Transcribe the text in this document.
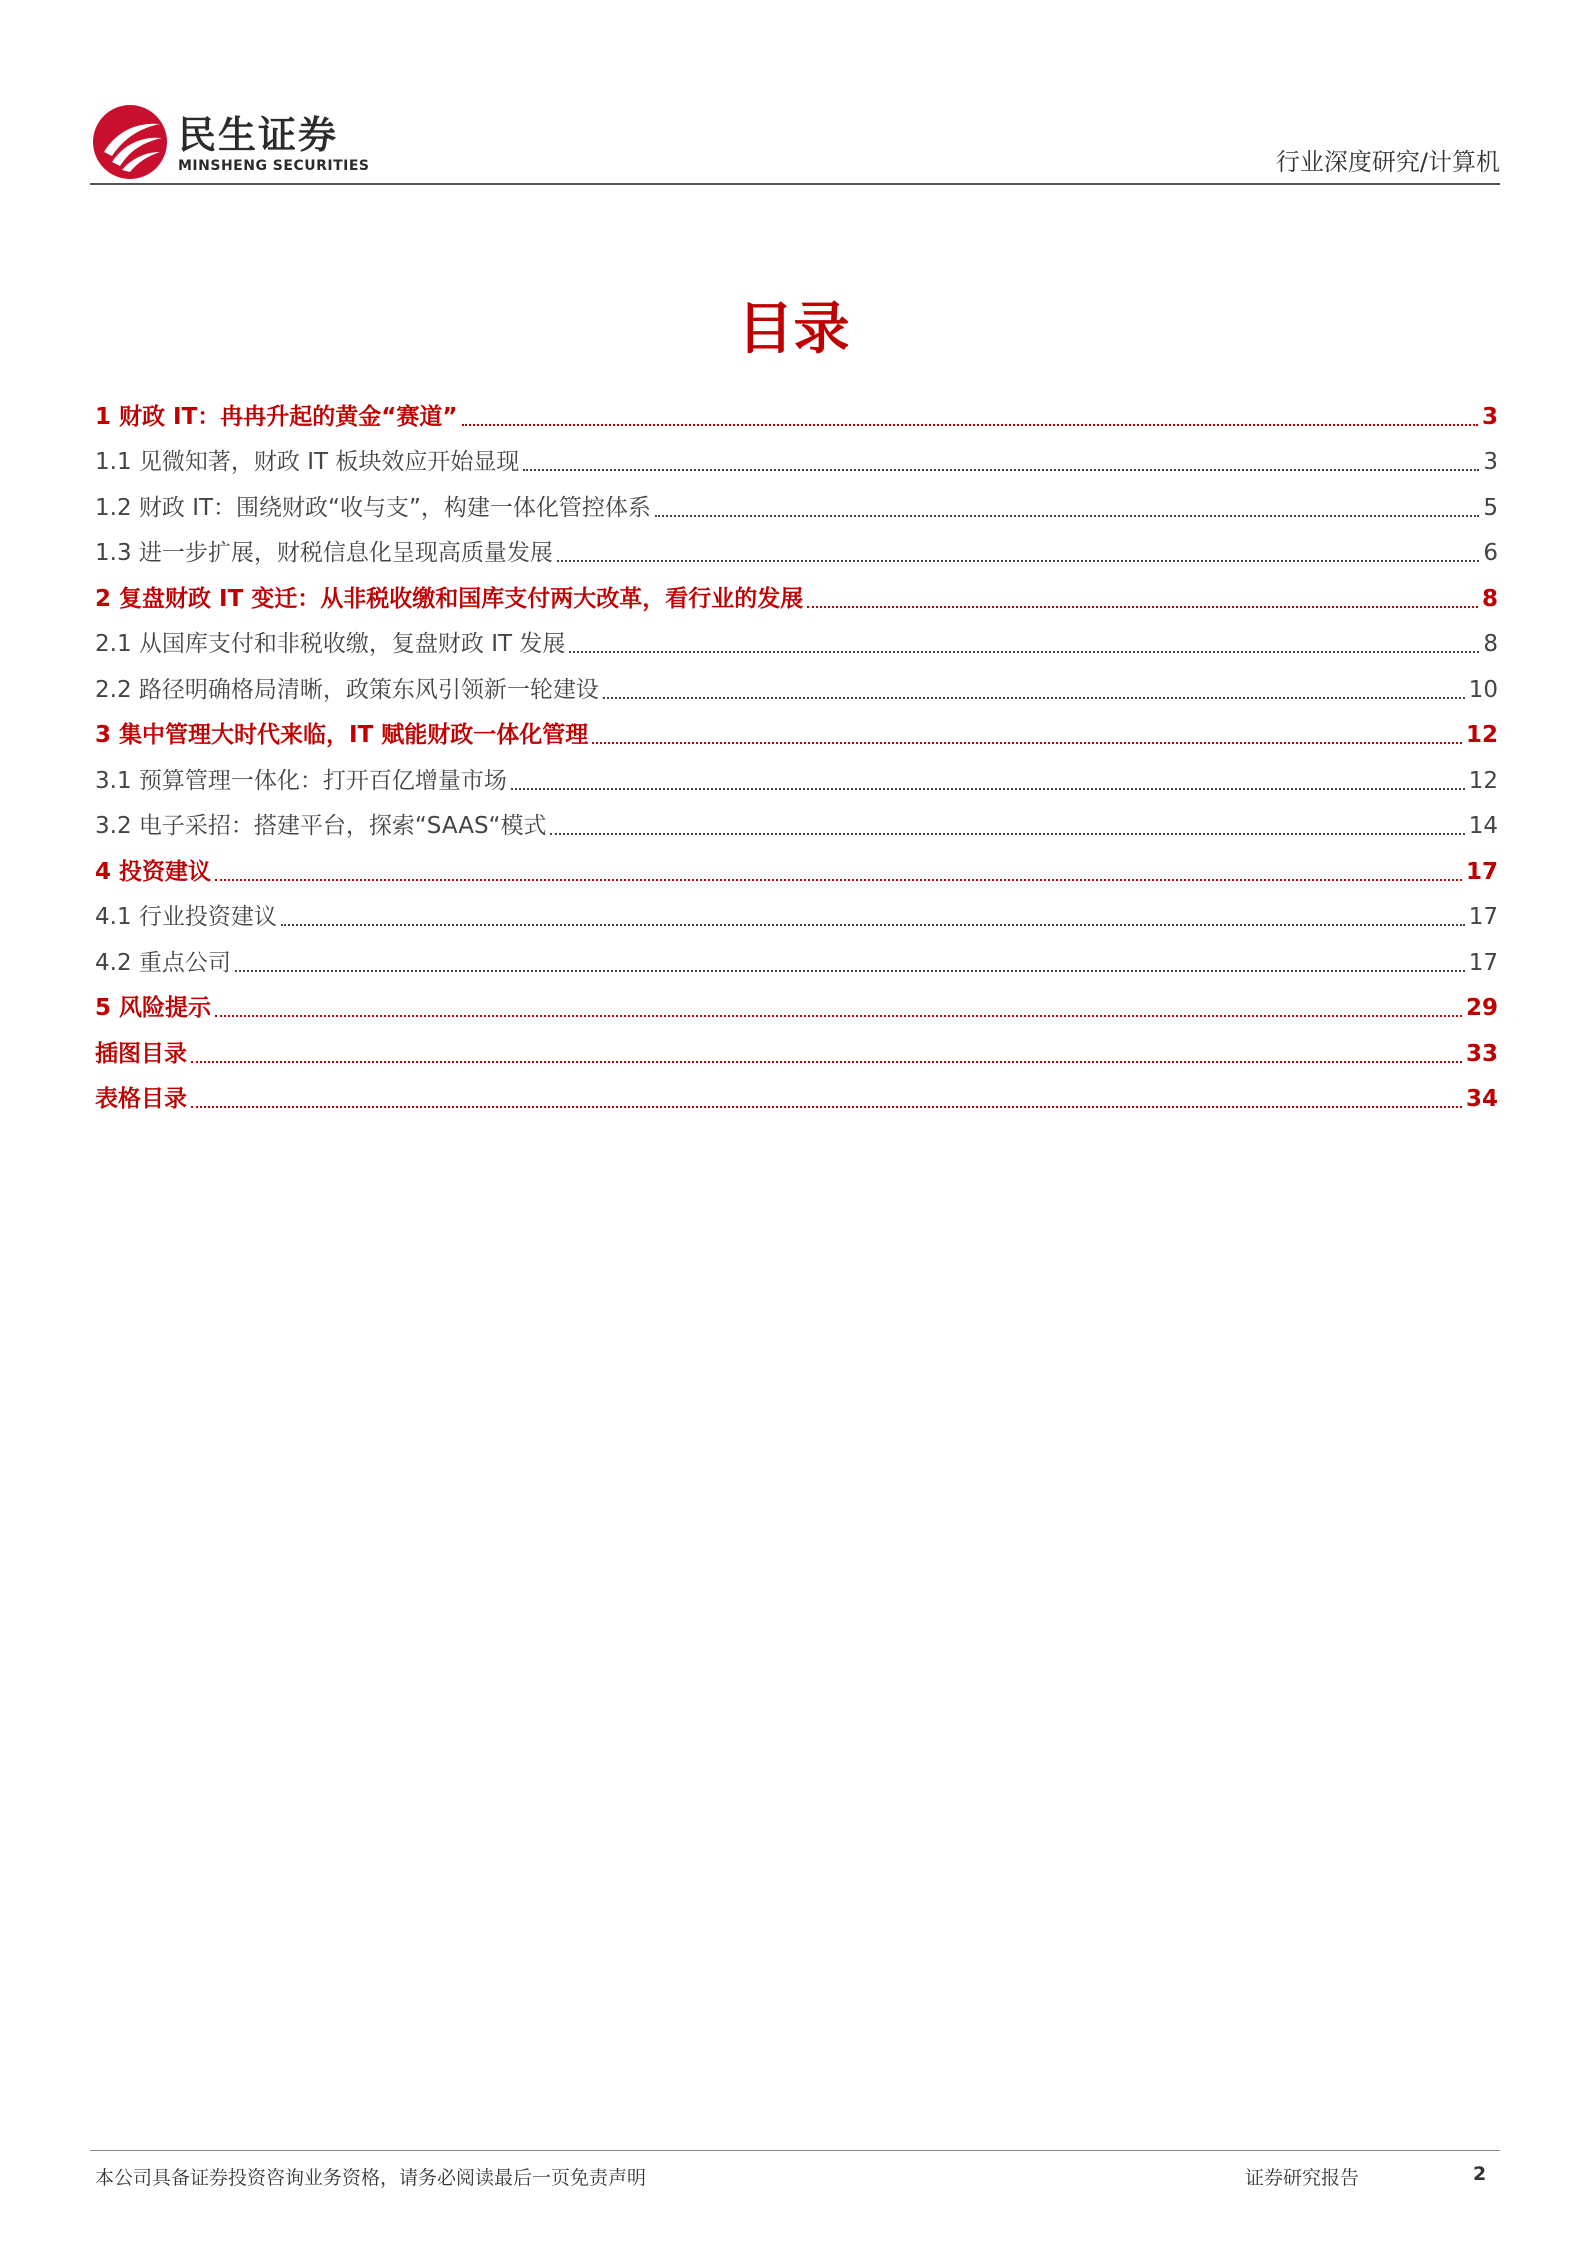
民生证券
MINSHENG SECURITIES	行业深度研究/计算机
目录
1 财政 IT：冉冉升起的黄金“赛道”	3
1.1 见微知著，财政 IT 板块效应开始显现	3
1.2 财政 IT：围绕财政“收与支”，构建一体化管控体系	5
1.3 进一步扩展，财税信息化呈现高质量发展	6
2 复盘财政 IT 变迁：从非税收缴和国库支付两大改革，看行业的发展	8
2.1 从国库支付和非税收缴，复盘财政 IT 发展	8
2.2 路径明确格局清晰，政策东风引领新一轮建设	10
3 集中管理大时代来临，IT 赋能财政一体化管理	12
3.1 预算管理一体化：打开百亿增量市场	12
3.2 电子采招：搭建平台，探索“SAAS“模式	14
4 投资建议	17
4.1 行业投资建议	17
4.2 重点公司	17
5 风险提示	29
插图目录	33
表格目录	34
本公司具备证券投资咨询业务资格，请务必阅读最后一页免责声明	证券研究报告	2
